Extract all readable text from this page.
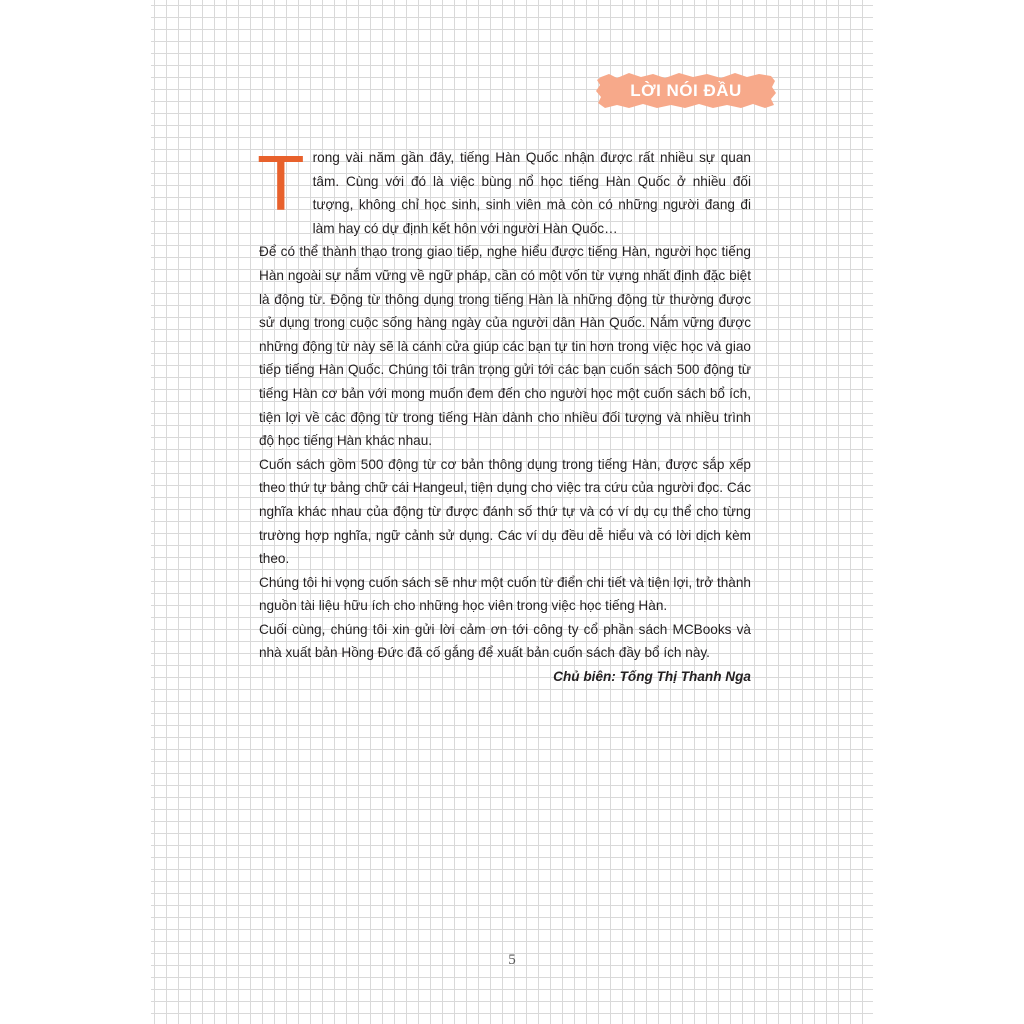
LỜI NÓI ĐẦU

Trong vài năm gần đây, tiếng Hàn Quốc nhận được rất nhiều sự quan tâm. Cùng với đó là việc bùng nổ học tiếng Hàn Quốc ở nhiều đối tượng, không chỉ học sinh, sinh viên mà còn có những người đang đi làm hay có dự định kết hôn với người Hàn Quốc…

Để có thể thành thạo trong giao tiếp, nghe hiểu được tiếng Hàn, người học tiếng Hàn ngoài sự nắm vững về ngữ pháp, cần có một vốn từ vựng nhất định đặc biệt là động từ. Động từ thông dụng trong tiếng Hàn là những động từ thường được sử dụng trong cuộc sống hàng ngày của người dân Hàn Quốc. Nắm vững được những động từ này sẽ là cánh cửa giúp các bạn tự tin hơn trong việc học và giao tiếp tiếng Hàn Quốc. Chúng tôi trân trọng gửi tới các bạn cuốn sách 500 động từ tiếng Hàn cơ bản với mong muốn đem đến cho người học một cuốn sách bổ ích, tiện lợi về các động từ trong tiếng Hàn dành cho nhiều đối tượng và nhiều trình độ học tiếng Hàn khác nhau.

Cuốn sách gồm 500 động từ cơ bản thông dụng trong tiếng Hàn, được sắp xếp theo thứ tự bảng chữ cái Hangeul, tiện dụng cho việc tra cứu của người đọc. Các nghĩa khác nhau của động từ được đánh số thứ tự và có ví dụ cụ thể cho từng trường hợp nghĩa, ngữ cảnh sử dụng. Các ví dụ đều dễ hiểu và có lời dịch kèm theo.

Chúng tôi hi vọng cuốn sách sẽ như một cuốn từ điển chi tiết và tiện lợi, trở thành nguồn tài liệu hữu ích cho những học viên trong việc học tiếng Hàn.

Cuối cùng, chúng tôi xin gửi lời cảm ơn tới công ty cổ phần sách MCBooks và nhà xuất bản Hồng Đức đã cố gắng để xuất bản cuốn sách đầy bổ ích này.

Chủ biên: Tống Thị Thanh Nga

5
